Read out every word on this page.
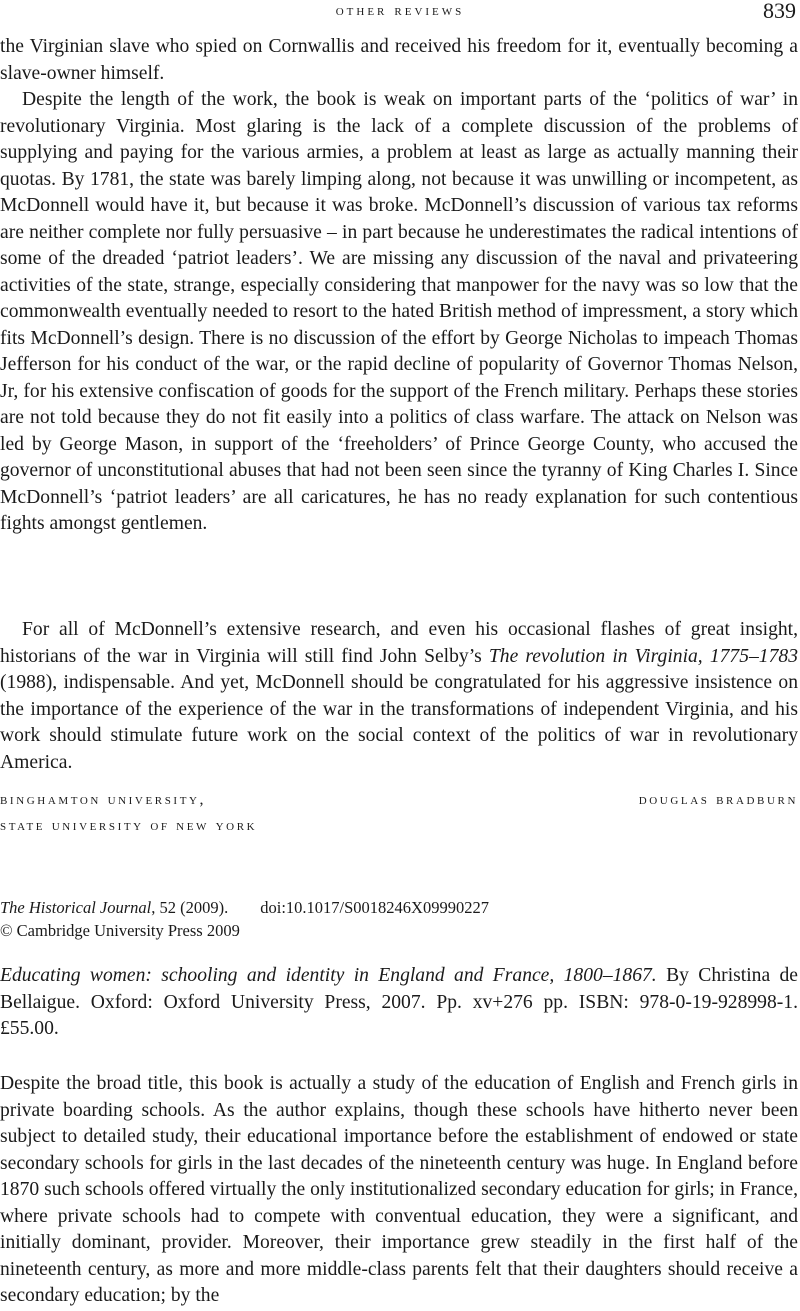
other reviews	839

the Virginian slave who spied on Cornwallis and received his freedom for it, eventually becoming a slave-owner himself.

Despite the length of the work, the book is weak on important parts of the ‘politics of war’ in revolutionary Virginia. Most glaring is the lack of a complete discussion of the problems of supplying and paying for the various armies, a problem at least as large as actually manning their quotas. By 1781, the state was barely limping along, not because it was unwilling or incompetent, as McDonnell would have it, but because it was broke. McDonnell’s discussion of various tax reforms are neither complete nor fully persuasive – in part because he underestimates the radical intentions of some of the dreaded ‘patriot leaders’. We are missing any discussion of the naval and privateering activities of the state, strange, especially considering that manpower for the navy was so low that the commonwealth eventually needed to resort to the hated British method of impressment, a story which fits McDonnell’s design. There is no discussion of the effort by George Nicholas to impeach Thomas Jefferson for his conduct of the war, or the rapid decline of popularity of Governor Thomas Nelson, Jr, for his extensive confiscation of goods for the support of the French military. Perhaps these stories are not told because they do not fit easily into a politics of class warfare. The attack on Nelson was led by George Mason, in support of the ‘freeholders’ of Prince George County, who accused the governor of unconstitutional abuses that had not been seen since the tyranny of King Charles I. Since McDonnell’s ‘patriot leaders’ are all caricatures, he has no ready explanation for such contentious fights amongst gentlemen.

For all of McDonnell’s extensive research, and even his occasional flashes of great insight, historians of the war in Virginia will still find John Selby’s The revolution in Virginia, 1775–1783 (1988), indispensable. And yet, McDonnell should be congratulated for his aggressive insistence on the importance of the experience of the war in the transformations of independent Virginia, and his work should stimulate future work on the social context of the politics of war in revolutionary America.

binghamton university,	douglas bradburn
state university of new york
The Historical Journal, 52 (2009). doi:10.1017/S0018246X09990227
© Cambridge University Press 2009

Educating women: schooling and identity in England and France, 1800–1867. By Christina de Bellaigue. Oxford: Oxford University Press, 2007. Pp. xv+276 pp. ISBN: 978-0-19-928998-1. £55.00.

Despite the broad title, this book is actually a study of the education of English and French girls in private boarding schools. As the author explains, though these schools have hitherto never been subject to detailed study, their educational importance before the establishment of endowed or state secondary schools for girls in the last decades of the nineteenth century was huge. In England before 1870 such schools offered virtually the only institutionalized secondary education for girls; in France, where private schools had to compete with conventual education, they were a significant, and initially dominant, provider. Moreover, their importance grew steadily in the first half of the nineteenth century, as more and more middle-class parents felt that their daughters should receive a secondary education; by the
